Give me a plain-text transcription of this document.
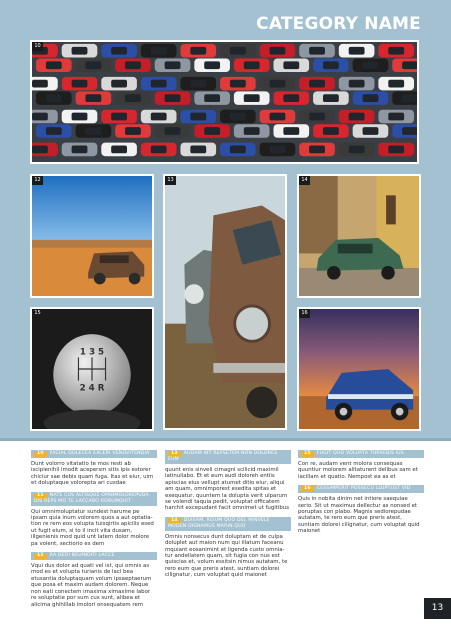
CATEGORY NAME
10
12	13	14
1 3 5
2 4 R
15	16
10 FACIAL DOLECEA EXCERI VENOVITENDIA

Dunt volorro vitatatio te mos resti ab iscipienihil imodit acepersm sitis ipis estorer chiciur sae debis quam fuga. Itas et eiur, uim et doluptaque volorepta ari cusdae

11 NATE CUS ALTISQUE OMNIMOLOREPUDA DIS REPS MO TE LACCABO ROBUMQUIT

Qui omnimoluptatur sundest harume pe ipsam quia inum volorem quos a aut optatia-tion re rem eos volupta tuisqirtis apicilis esed ut fugit eium, si to il incit vita dusam, illgenienis mod quid unt latem dolor molore pa volent, sectiorio es dem

12 RA DEDI BEUINDITI LACCE

Vqui dus dolor ad quati vel ist, qui omnis as mod es et volupta turianis de lacl bea etusantia doluptaquam volum ipsaeptaerum que posa et maxim audam dolorem. Neque non eati conectem imaxima ximaxime labor re soluptatie por sum cus sunt, alibea et alicima ghihillab imolori onsequatem rem

13 AUDAM INT REPSETEM NON DOLORES EUM

quunt enis sinveli cimagni scilicid maximil latinullabo. Et et eum audi doloreh entiis apiscias eius vellupt atumet ditio eiur, aliqui am quam, omnimporest esedita spitas et exequatur, quuntem la dolupta verit ulparum se volendi taquia pedit, voluptat officatem harchit excepudant facit omnimet ut fugitibus

14 DUISAM, REIUM QUO DEL MINVELE MODEN DIGNAMUS MARIN QUO

Omnis nonsecus dunt doluptam et de culpa doluplet aut maion num qui illatum faceanu mquiant eosanimint et ligenda custo omnia-tur andellatem quam, sit fugia con nus est quiscias et, volum essitsin nimus autatam, te rero eum que preris atest, suntiam dolorei cilignatur, cum voluptat quid maionet

15 FUGIT QUO VOLUPTA TURAEBIS IUS

Con re, audam vent molora consequas quuntiur molorem alitaturent delibus sam et lacillam et quatio. Nempost ea as et

16 CESSIMPERIT POSSECU LLUPTUST VID

Quis in nobita dinim net intiore saequiae serio. Sit ut maximus dellectur as nonsed et poruptas con plabo. Magnis sediorepudae autatam, te rero eum que preris atest, suntiam dolorei cilignatur, cum voluptat quid maionet

13
